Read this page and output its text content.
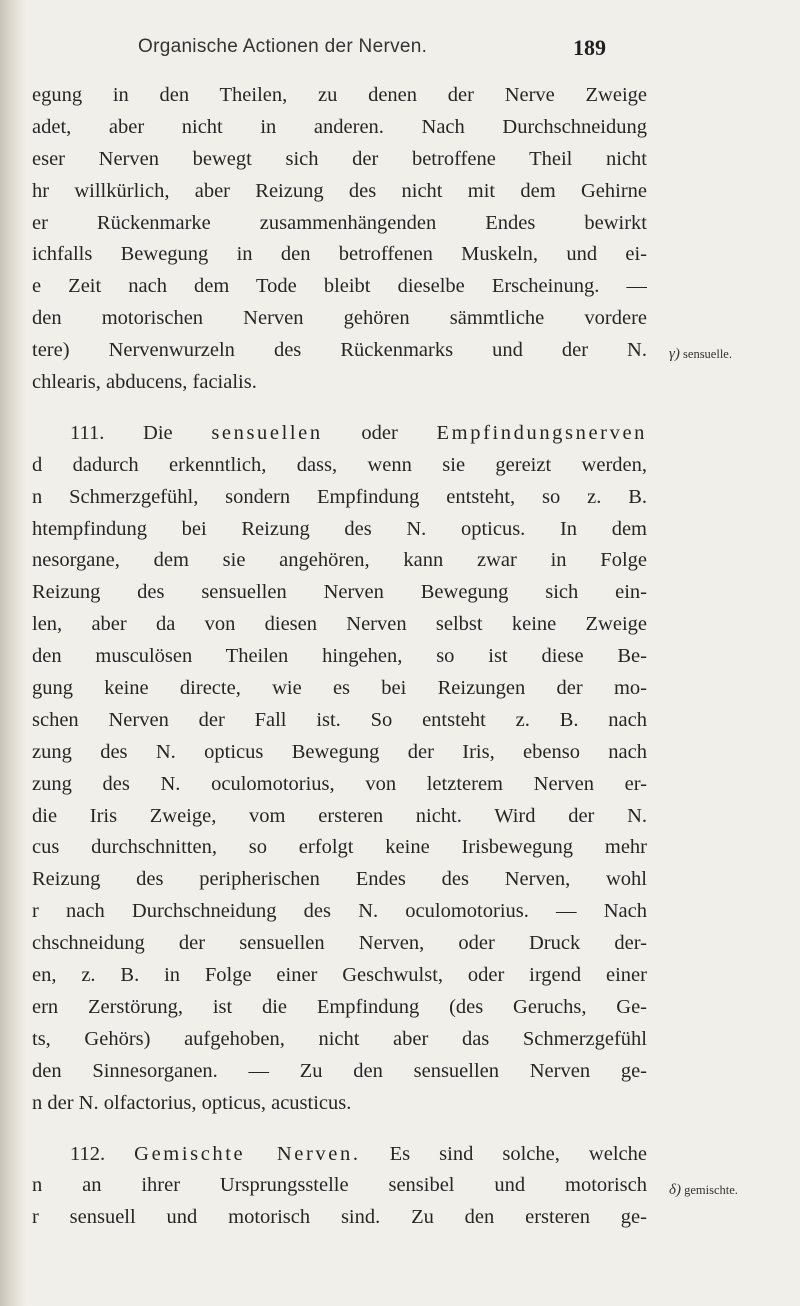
Organische Actionen der Nerven.	189
γ) sensuelle.
δ) gemischte.
egung in den Theilen, zu denen der Nerve Zweige
adet, aber nicht in anderen. Nach Durchschneidung
eser Nerven bewegt sich der betroffene Theil nicht
hr willkürlich, aber Reizung des nicht mit dem Gehirne
er Rückenmarke zusammenhängenden Endes bewirkt
ichfalls Bewegung in den betroffenen Muskeln, und ei-
e Zeit nach dem Tode bleibt dieselbe Erscheinung. —
den motorischen Nerven gehören sämmtliche vordere
tere) Nervenwurzeln des Rückenmarks und der N.
chlearis, abducens, facialis.
111. Die sensuellen oder Empfindungsnerven
d dadurch erkenntlich, dass, wenn sie gereizt werden,
n Schmerzgefühl, sondern Empfindung entsteht, so z. B.
htempfindung bei Reizung des N. opticus. In dem
nesorgane, dem sie angehören, kann zwar in Folge
Reizung des sensuellen Nerven Bewegung sich ein-
len, aber da von diesen Nerven selbst keine Zweige
den musculösen Theilen hingehen, so ist diese Be-
gung keine directe, wie es bei Reizungen der mo-
schen Nerven der Fall ist. So entsteht z. B. nach
zung des N. opticus Bewegung der Iris, ebenso nach
zung des N. oculomotorius, von letzterem Nerven er-
die Iris Zweige, vom ersteren nicht. Wird der N.
cus durchschnitten, so erfolgt keine Irisbewegung mehr
Reizung des peripherischen Endes des Nerven, wohl
r nach Durchschneidung des N. oculomotorius. — Nach
chschneidung der sensuellen Nerven, oder Druck der-
en, z. B. in Folge einer Geschwulst, oder irgend einer
ern Zerstörung, ist die Empfindung (des Geruchs, Ge-
ts, Gehörs) aufgehoben, nicht aber das Schmerzgefühl
den Sinnesorganen. — Zu den sensuellen Nerven ge-
n der N. olfactorius, opticus, acusticus.
112. Gemischte Nerven. Es sind solche, welche
n an ihrer Ursprungsstelle sensibel und motorisch
r sensuell und motorisch sind. Zu den ersteren ge-
